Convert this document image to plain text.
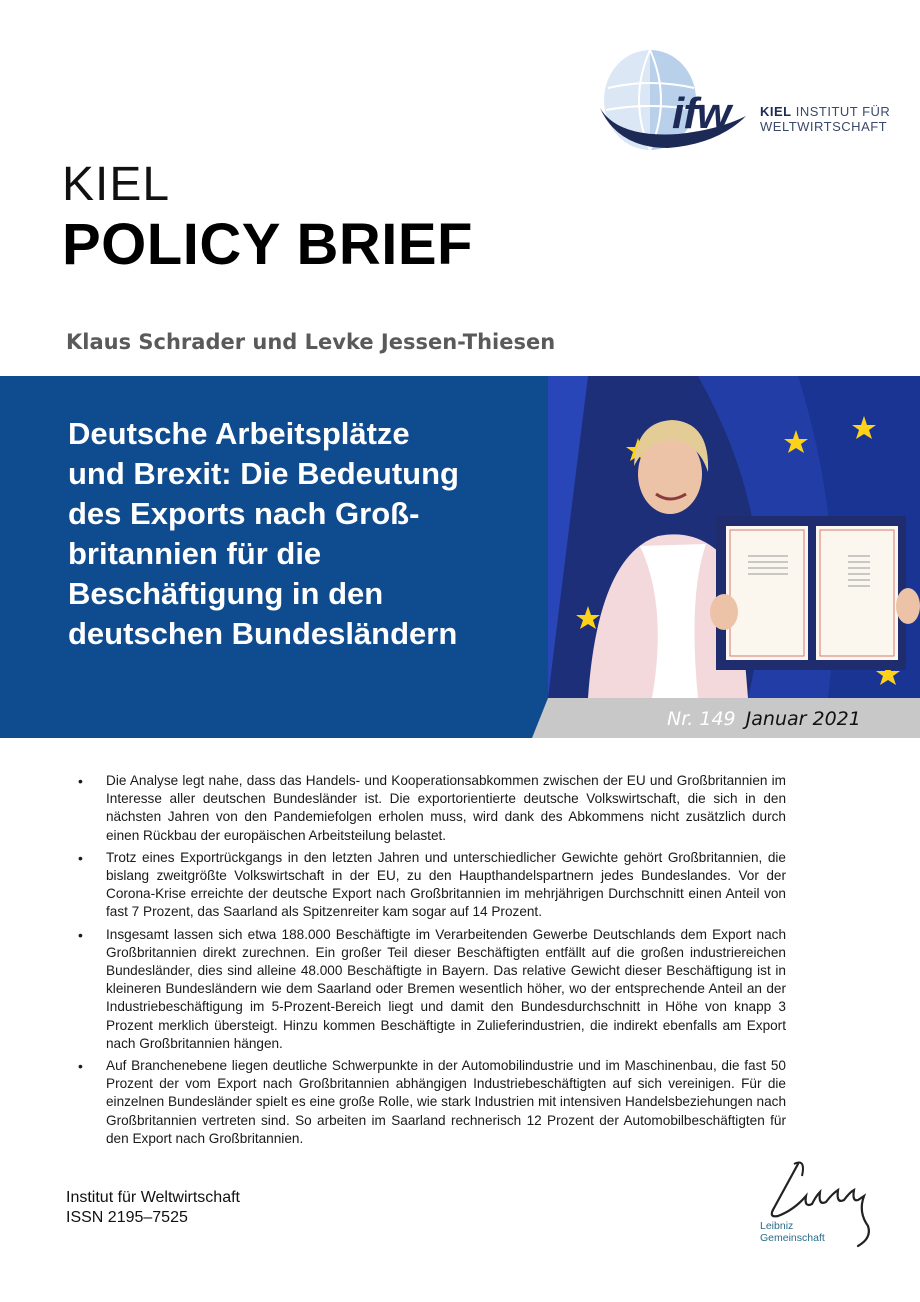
ifw KIEL INSTITUT FÜR
WELTWIRTSCHAFT
KIEL
POLICY BRIEF
Klaus Schrader und Levke Jessen-Thiesen
Deutsche Arbeitsplätze
und Brexit: Die Bedeutung
des Exports nach Groß-
britannien für die
Beschäftigung in den
deutschen Bundesländern
Nr. 149 Januar 2021
• Die Analyse legt nahe, dass das Handels- und Kooperationsabkommen zwischen der EU und Großbritannien im Interesse aller deutschen Bundesländer ist. Die exportorientierte deutsche Volkswirtschaft, die sich in den nächsten Jahren von den Pandemiefolgen erholen muss, wird dank des Abkommens nicht zusätzlich durch einen Rückbau der europäischen Arbeitsteilung belastet.
• Trotz eines Exportrückgangs in den letzten Jahren und unterschiedlicher Gewichte gehört Großbritannien, die bislang zweitgrößte Volkswirtschaft in der EU, zu den Haupthandelspartnern jedes Bundeslandes. Vor der Corona-Krise erreichte der deutsche Export nach Großbritannien im mehrjährigen Durchschnitt einen Anteil von fast 7 Prozent, das Saarland als Spitzenreiter kam sogar auf 14 Prozent.
• Insgesamt lassen sich etwa 188.000 Beschäftigte im Verarbeitenden Gewerbe Deutschlands dem Export nach Großbritannien direkt zurechnen. Ein großer Teil dieser Beschäftigten entfällt auf die großen industriereichen Bundesländer, dies sind alleine 48.000 Beschäftigte in Bayern. Das relative Gewicht dieser Beschäftigung ist in kleineren Bundesländern wie dem Saarland oder Bremen wesentlich höher, wo der entsprechende Anteil an der Industriebeschäftigung im 5-Prozent-Bereich liegt und damit den Bundesdurchschnitt in Höhe von knapp 3 Prozent merklich übersteigt. Hinzu kommen Beschäftigte in Zulieferindustrien, die indirekt ebenfalls am Export nach Großbritannien hängen.
• Auf Branchenebene liegen deutliche Schwerpunkte in der Automobilindustrie und im Maschinenbau, die fast 50 Prozent der vom Export nach Großbritannien abhängigen Industriebeschäftigten auf sich vereinigen. Für die einzelnen Bundesländer spielt es eine große Rolle, wie stark Industrien mit intensiven Handelsbeziehungen nach Großbritannien vertreten sind. So arbeiten im Saarland rechnerisch 12 Prozent der Automobilbeschäftigten für den Export nach Großbritannien.
Institut für Weltwirtschaft
ISSN 2195–7525	Leibniz
Gemeinschaft
